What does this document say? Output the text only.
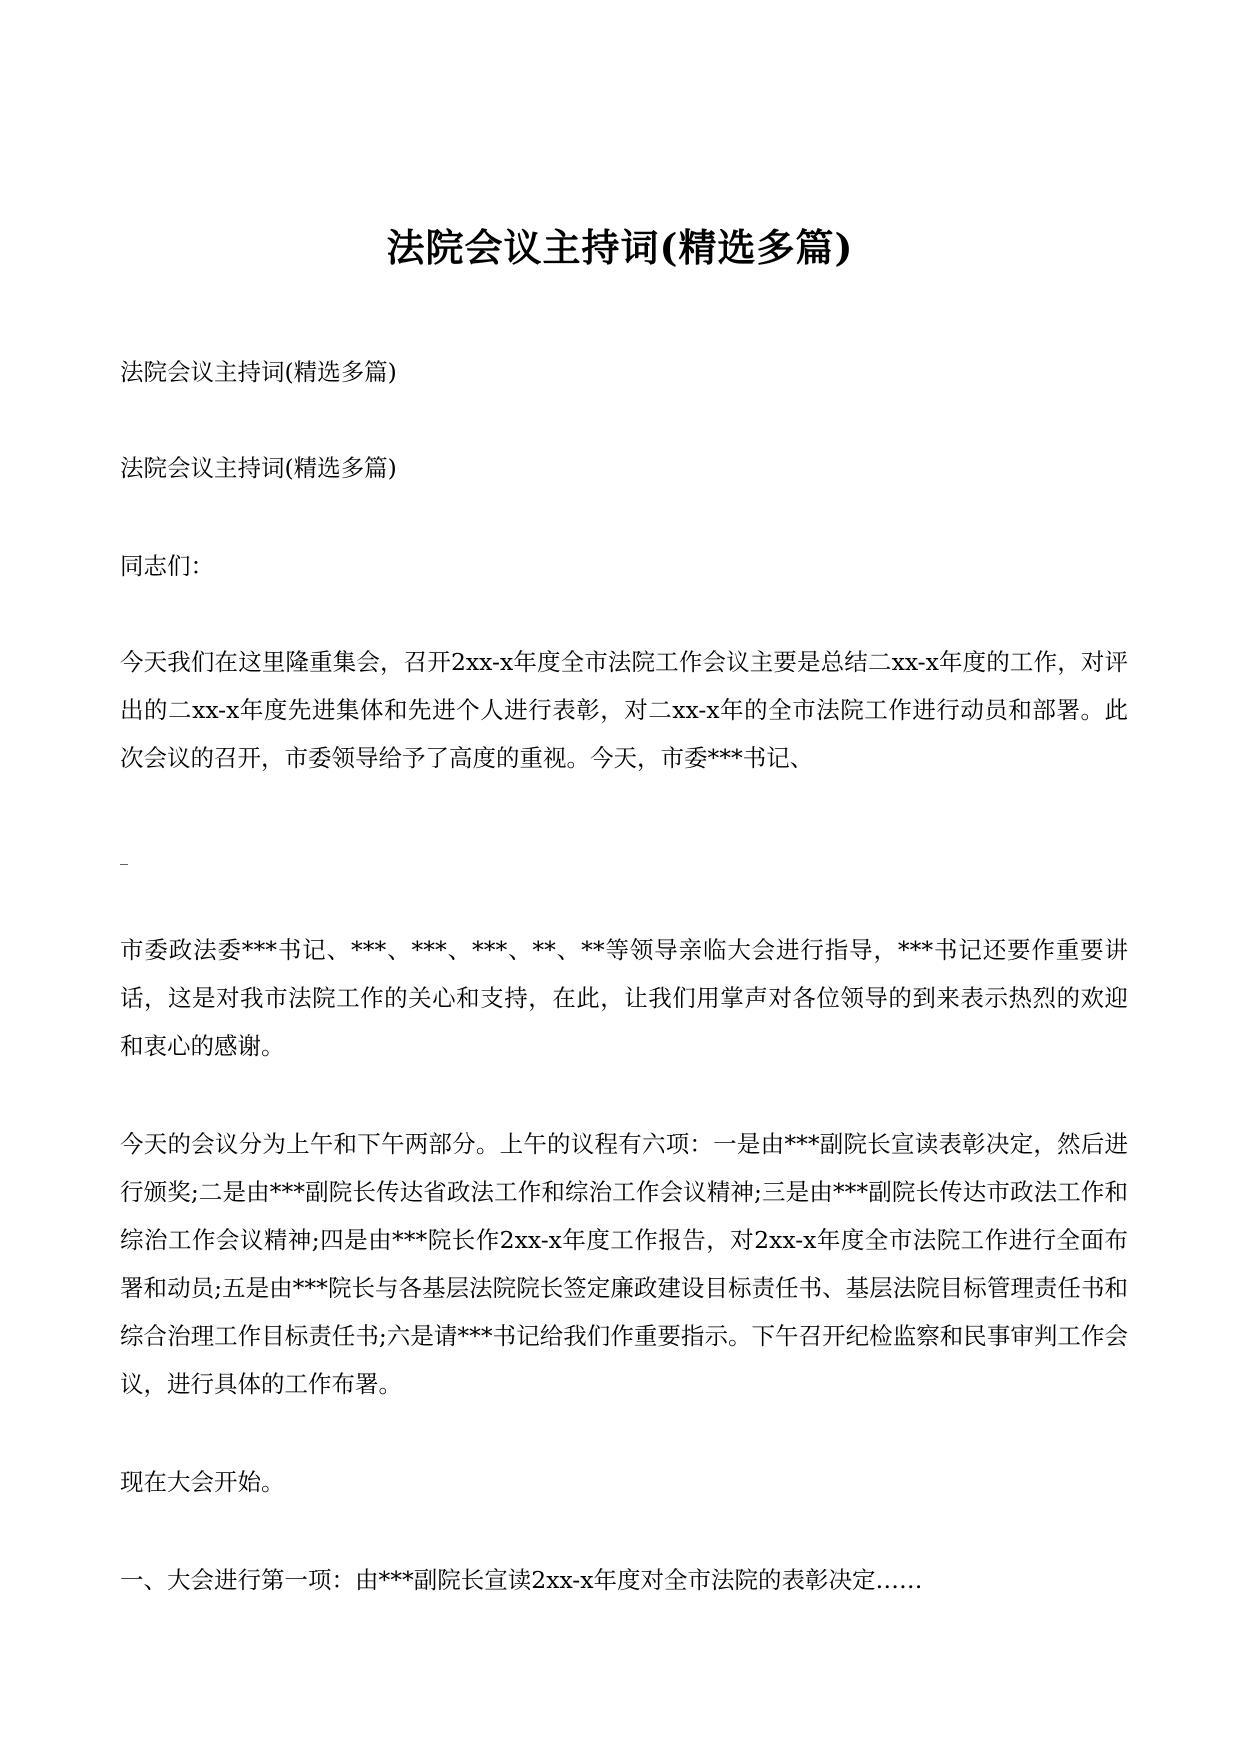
法院会议主持词(精选多篇)

法院会议主持词(精选多篇)

法院会议主持词(精选多篇)

同志们：

今天我们在这里隆重集会，召开2xx-x年度全市法院工作会议主要是总结二xx-x年度的工作，对评出的二xx-x年度先进集体和先进个人进行表彰，对二xx-x年的全市法院工作进行动员和部署。此次会议的召开，市委领导给予了高度的重视。今天，市委***书记、

_

市委政法委***书记、***、***、***、**、**等领导亲临大会进行指导，***书记还要作重要讲话，这是对我市法院工作的关心和支持，在此，让我们用掌声对各位领导的到来表示热烈的欢迎和衷心的感谢。

今天的会议分为上午和下午两部分。上午的议程有六项：一是由***副院长宣读表彰决定，然后进行颁奖;二是由***副院长传达省政法工作和综治工作会议精神;三是由***副院长传达市政法工作和综治工作会议精神;四是由***院长作2xx-x年度工作报告，对2xx-x年度全市法院工作进行全面布署和动员;五是由***院长与各基层法院院长签定廉政建设目标责任书、基层法院目标管理责任书和综合治理工作目标责任书;六是请***书记给我们作重要指示。下午召开纪检监察和民事审判工作会议，进行具体的工作布署。

现在大会开始。

一、大会进行第一项：由***副院长宣读2xx-x年度对全市法院的表彰决定……
